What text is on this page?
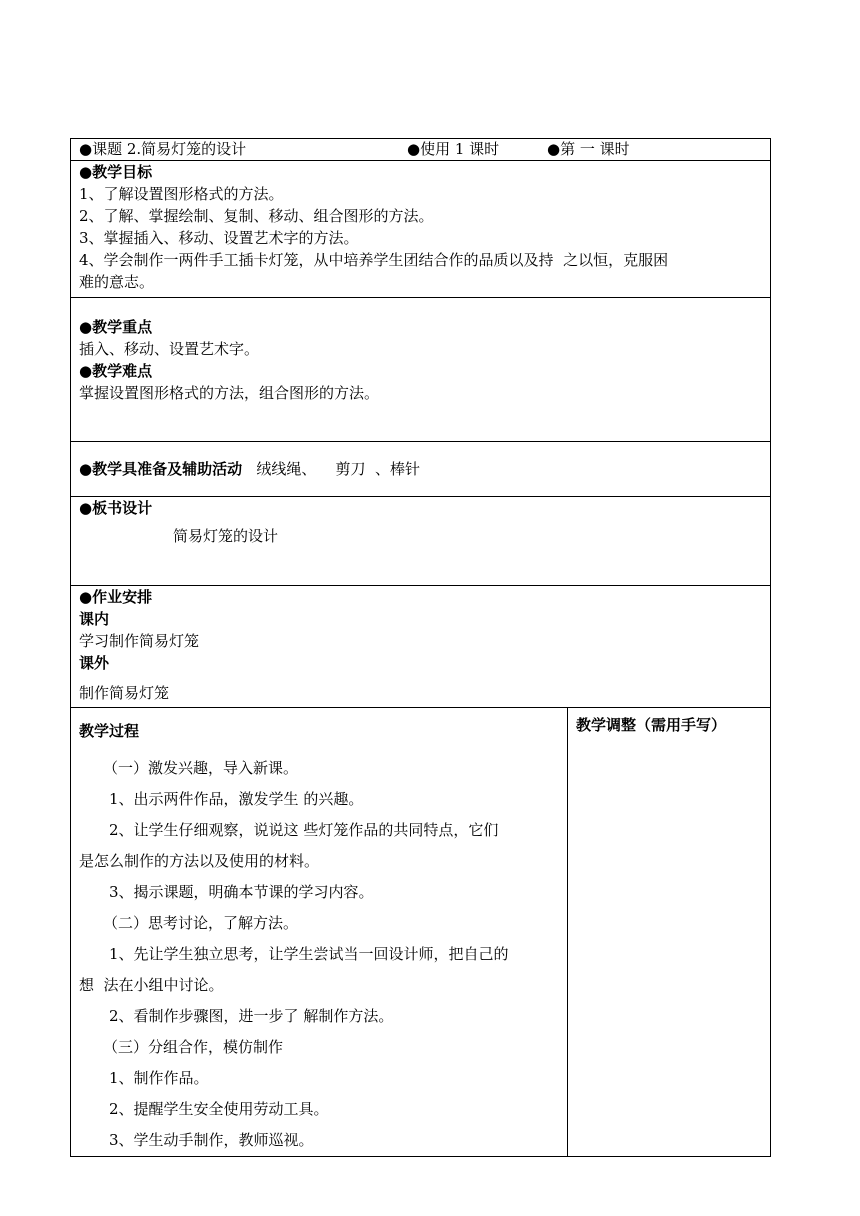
●课题 2.简易灯笼的设计	●使用 1 课时	●第 一 课时

●教学目标
1、了解设置图形格式的方法。
2、了解、掌握绘制、复制、移动、组合图形的方法。
3、掌握插入、移动、设置艺术字的方法。
4、学会制作一两件手工插卡灯笼，从中培养学生团结合作的品质以及持  之以恒，克服困
难的意志。

●教学重点
插入、移动、设置艺术字。
●教学难点
掌握设置图形格式的方法，组合图形的方法。

●教学具准备及辅助活动 绒线绳、    剪刀  、棒针

●板书设计
简易灯笼的设计

●作业安排
课内
学习制作简易灯笼
课外
制作简易灯笼

教学过程

（一）激发兴趣，导入新课。

1、出示两件作品，激发学生 的兴趣。

2、让学生仔细观察，说说这 些灯笼作品的共同特点，它们

是怎么制作的方法以及使用的材料。

3、揭示课题，明确本节课的学习内容。

（二）思考讨论，了解方法。

1、先让学生独立思考，让学生尝试当一回设计师，把自己的

想  法在小组中讨论。

2、看制作步骤图，进一步了 解制作方法。

（三）分组合作，模仿制作

1、制作作品。

2、提醒学生安全使用劳动工具。

3、学生动手制作，教师巡视。

教学调整（需用手写）
